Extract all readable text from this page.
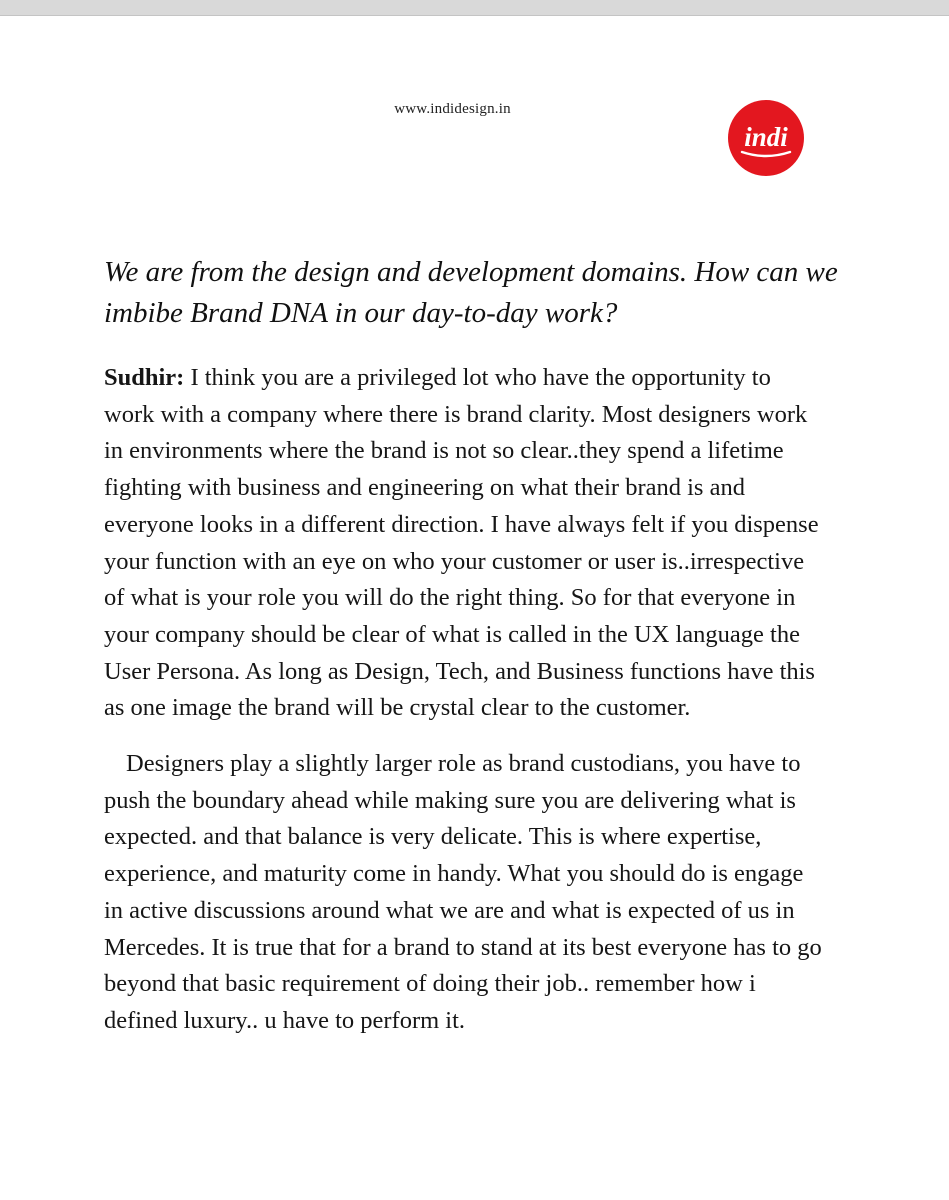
www.indidesign.in
indi
We are from the design and development domains. How can we imbibe Brand DNA in our day-to-day work?

Sudhir: I think you are a privileged lot who have the opportunity to work with a company where there is brand clarity. Most designers work in environments where the brand is not so clear..they spend a lifetime fighting with business and engineering on what their brand is and everyone looks in a different direction. I have always felt if you dispense your function with an eye on who your customer or user is..irrespective of what is your role you will do the right thing. So for that everyone in your company should be clear of what is called in the UX language the User Persona. As long as Design, Tech, and Business functions have this as one image the brand will be crystal clear to the customer.

Designers play a slightly larger role as brand custodians, you have to push the boundary ahead while making sure you are delivering what is expected. and that balance is very delicate. This is where expertise, experience, and maturity come in handy. What you should do is engage in active discussions around what we are and what is expected of us in Mercedes. It is true that for a brand to stand at its best everyone has to go beyond that basic requirement of doing their job.. remember how i defined luxury.. u have to perform it.
